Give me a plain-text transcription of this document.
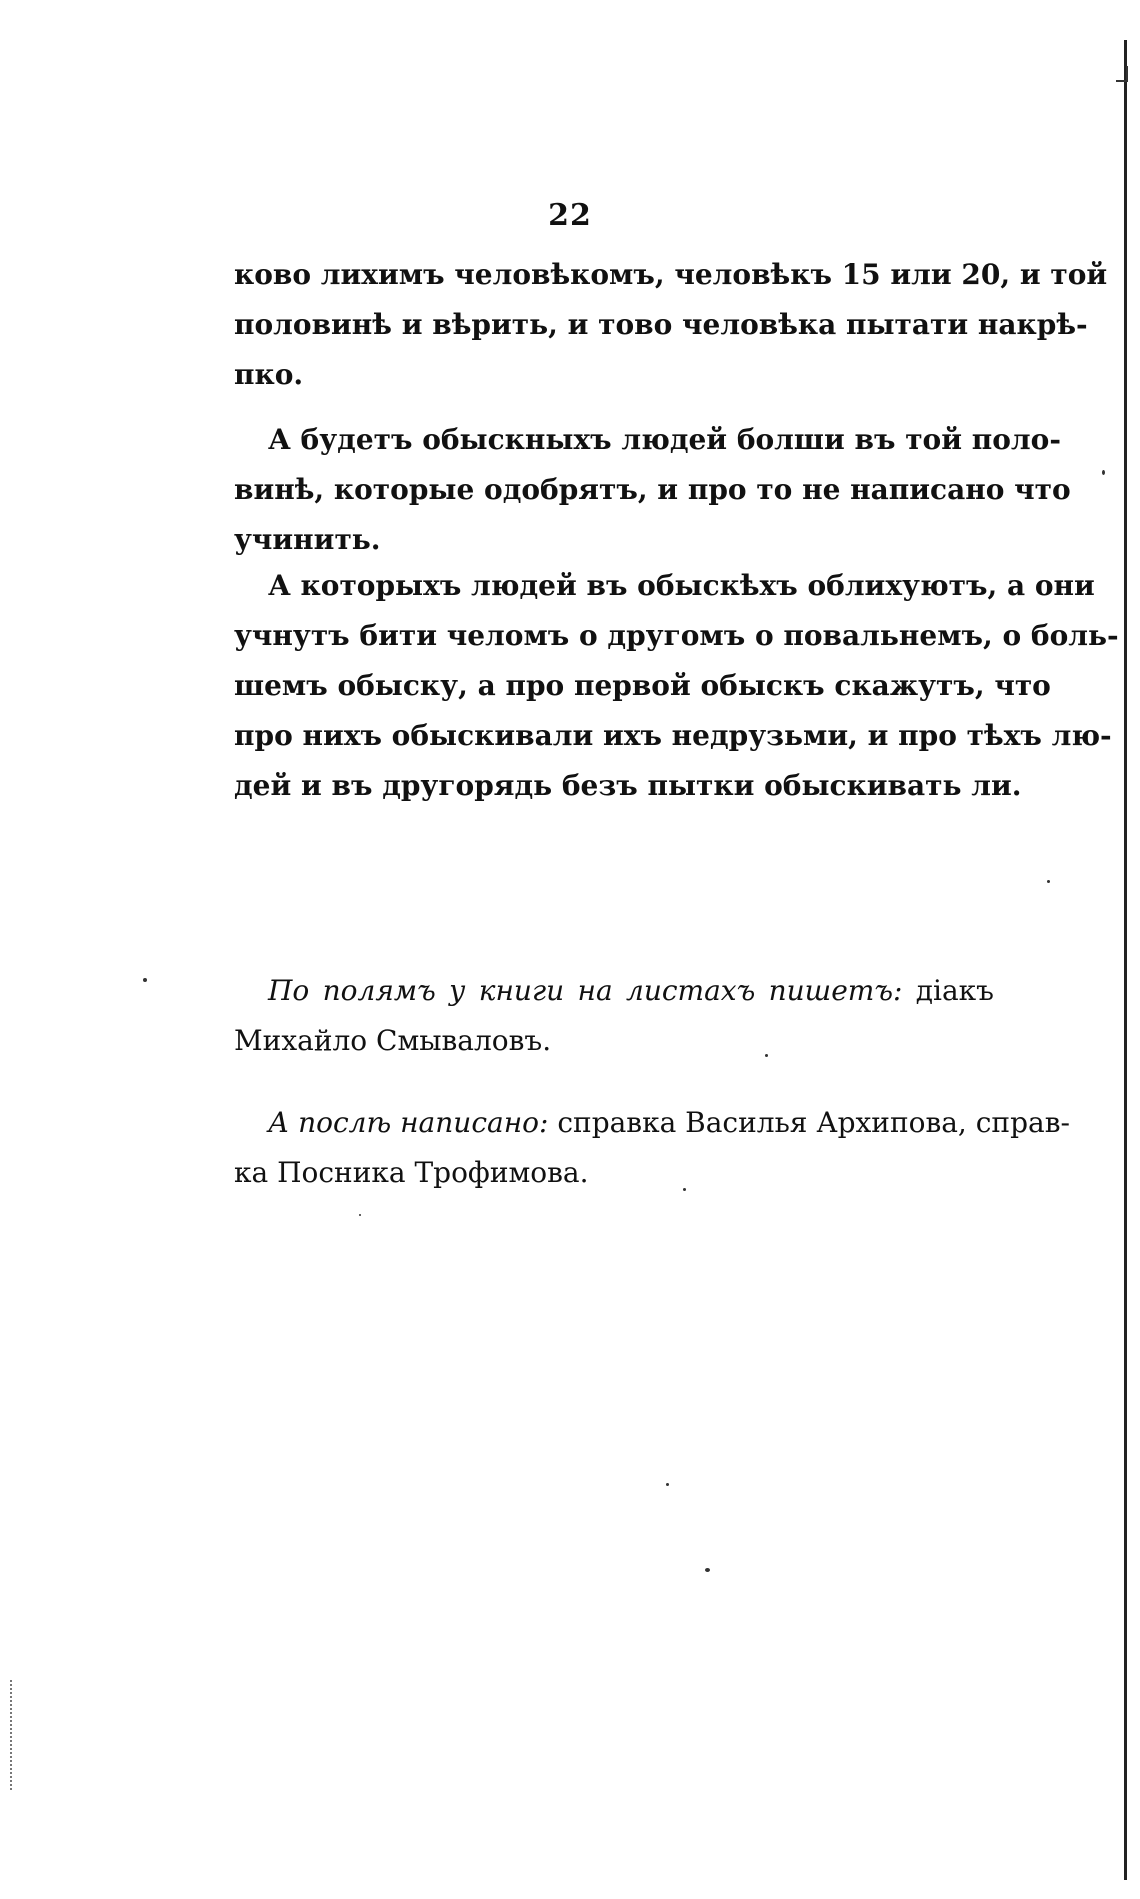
22
ково лихимъ человѣкомъ, человѣкъ 15 или 20, и той
половинѣ и вѣрить, и тово человѣка пытати накрѣ-
пко.
А будетъ обыскныхъ людей болши въ той поло-
винѣ, которые одобрятъ, и про то не написано что
учинить.
А которыхъ людей въ обыскѣхъ облихуютъ, а они
учнутъ бити челомъ о другомъ о повальнемъ, о боль-
шемъ обыску, а про первой обыскъ скажутъ, что
про нихъ обыскивали ихъ недрузьми, и про тѣхъ лю-
дей и въ другорядь безъ пытки обыскивать ли.
По полямъ у книги на листахъ пишетъ: діакъ
Михайло Смываловъ.
А послѣ написано: справка Василья Архипова, справ-
ка Посника Трофимова.
